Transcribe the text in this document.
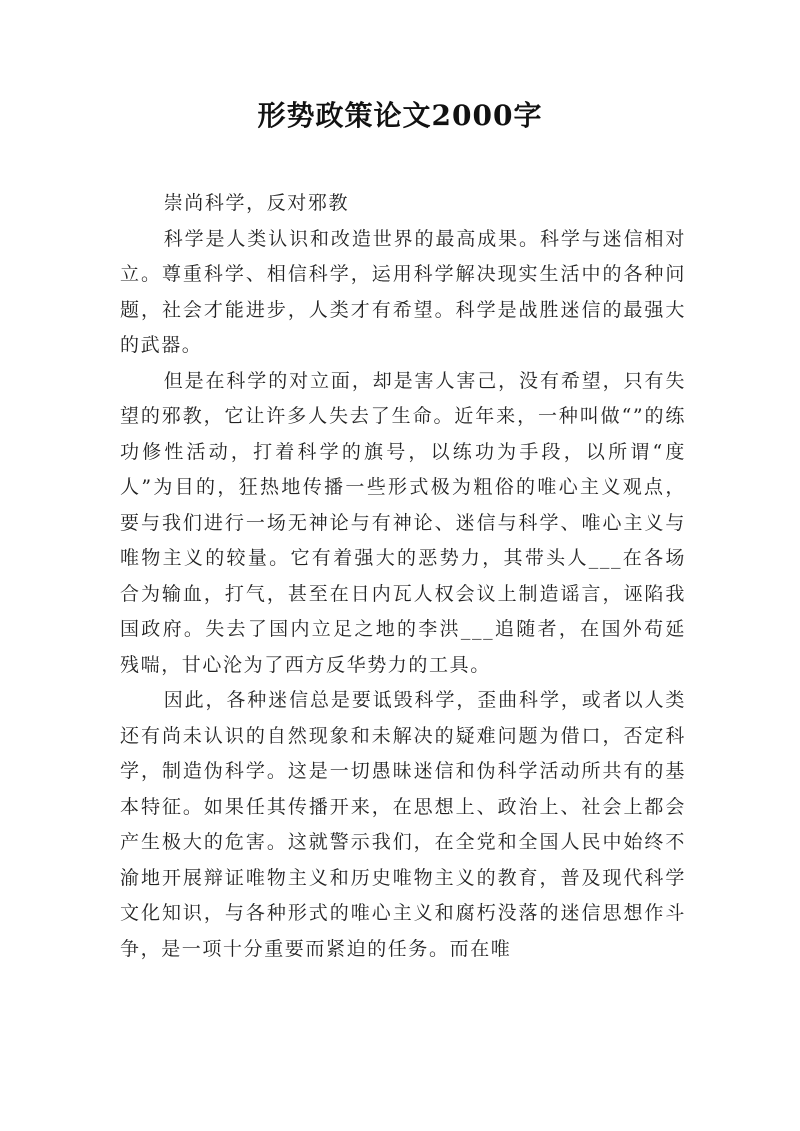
形势政策论文2000字

崇尚科学，反对邪教

科学是人类认识和改造世界的最高成果。科学与迷信相对立。尊重科学、相信科学，运用科学解决现实生活中的各种问题，社会才能进步，人类才有希望。科学是战胜迷信的最强大的武器。

但是在科学的对立面，却是害人害己，没有希望，只有失望的邪教，它让许多人失去了生命。近年来，一种叫做“”的练功修性活动，打着科学的旗号，以练功为手段，以所谓“度人”为目的，狂热地传播一些形式极为粗俗的唯心主义观点，要与我们进行一场无神论与有神论、迷信与科学、唯心主义与唯物主义的较量。它有着强大的恶势力，其带头人___在各场合为输血，打气，甚至在日内瓦人权会议上制造谣言，诬陷我国政府。失去了国内立足之地的李洪___追随者，在国外苟延残喘，甘心沦为了西方反华势力的工具。

因此，各种迷信总是要诋毁科学，歪曲科学，或者以人类还有尚未认识的自然现象和未解决的疑难问题为借口，否定科学，制造伪科学。这是一切愚昧迷信和伪科学活动所共有的基本特征。如果任其传播开来，在思想上、政治上、社会上都会产生极大的危害。这就警示我们，在全党和全国人民中始终不渝地开展辩证唯物主义和历史唯物主义的教育，普及现代科学文化知识，与各种形式的唯心主义和腐朽没落的迷信思想作斗争，是一项十分重要而紧迫的任务。而在唯
